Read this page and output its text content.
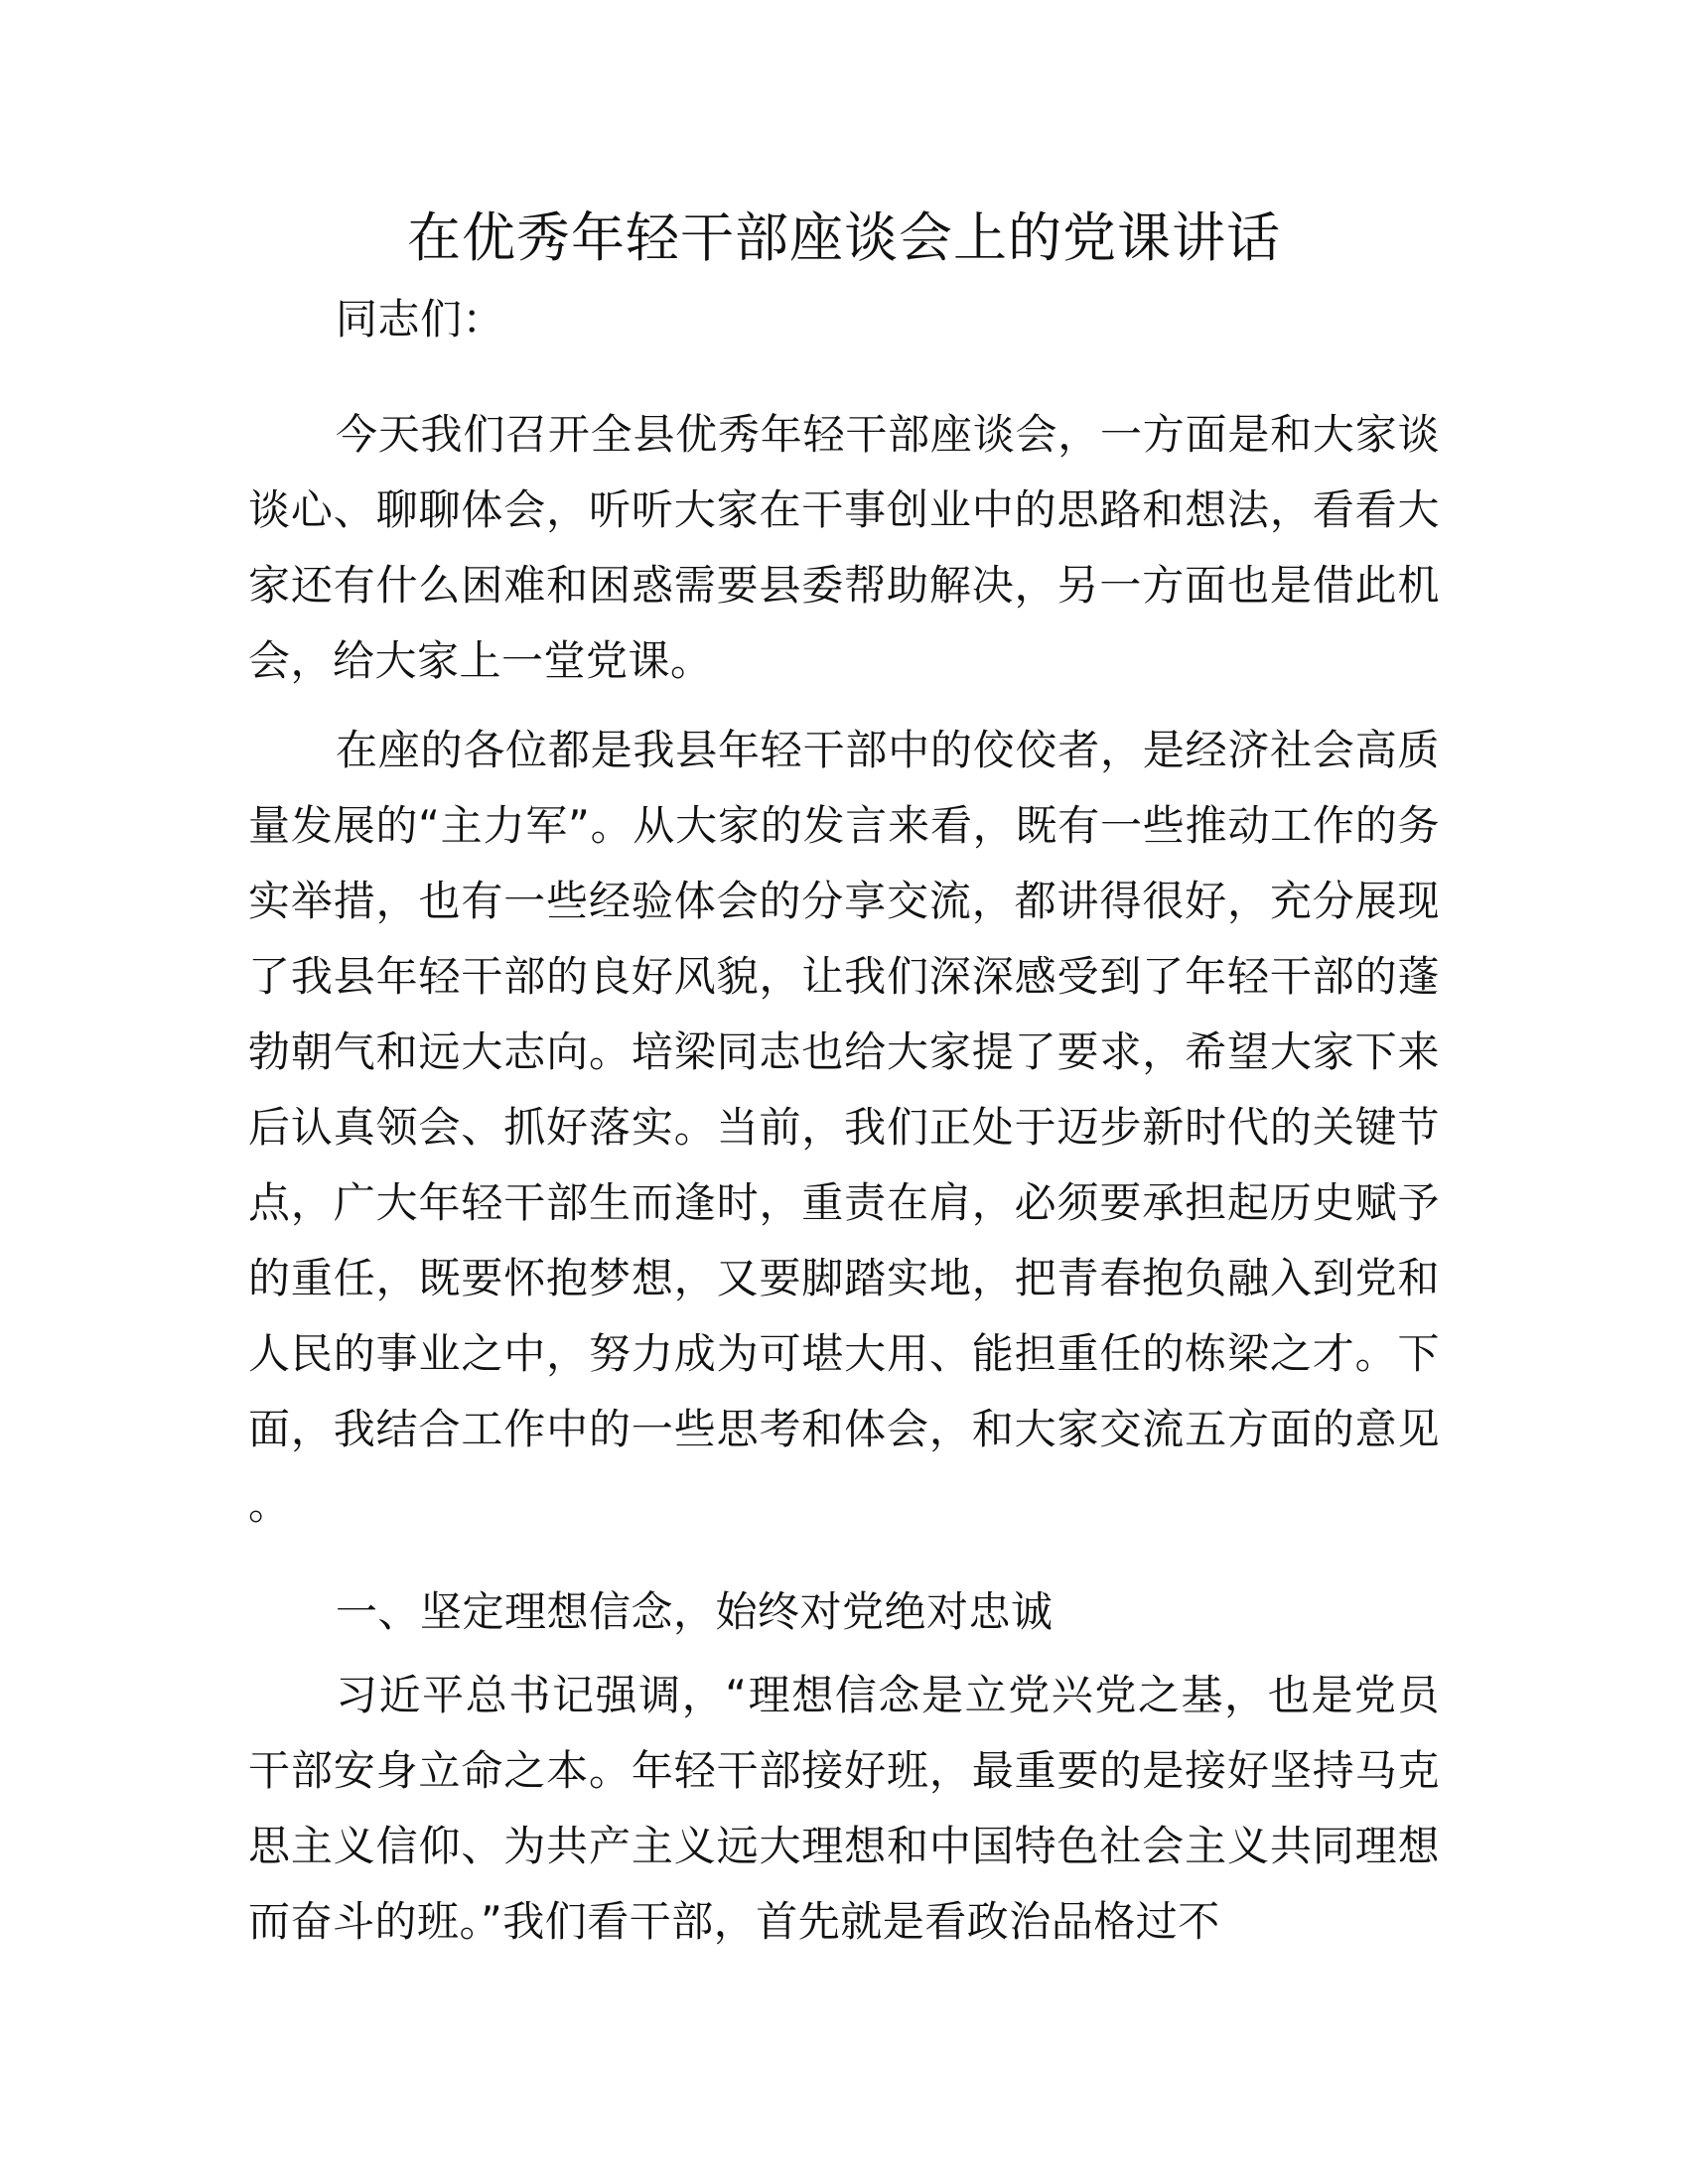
在优秀年轻干部座谈会上的党课讲话

同志们：

今天我们召开全县优秀年轻干部座谈会，一方面是和大家谈谈心、聊聊体会，听听大家在干事创业中的思路和想法，看看大家还有什么困难和困惑需要县委帮助解决，另一方面也是借此机会，给大家上一堂党课。

在座的各位都是我县年轻干部中的佼佼者，是经济社会高质量发展的“主力军”。从大家的发言来看，既有一些推动工作的务实举措，也有一些经验体会的分享交流，都讲得很好，充分展现了我县年轻干部的良好风貌，让我们深深感受到了年轻干部的蓬勃朝气和远大志向。培梁同志也给大家提了要求，希望大家下来后认真领会、抓好落实。当前，我们正处于迈步新时代的关键节点，广大年轻干部生而逢时，重责在肩，必须要承担起历史赋予的重任，既要怀抱梦想，又要脚踏实地，把青春抱负融入到党和人民的事业之中，努力成为可堪大用、能担重任的栋梁之才。下面，我结合工作中的一些思考和体会，和大家交流五方面的意见。

一、坚定理想信念，始终对党绝对忠诚

习近平总书记强调，“理想信念是立党兴党之基，也是党员干部安身立命之本。年轻干部接好班，最重要的是接好坚持马克思主义信仰、为共产主义远大理想和中国特色社会主义共同理想而奋斗的班。”我们看干部，首先就是看政治品格过不
